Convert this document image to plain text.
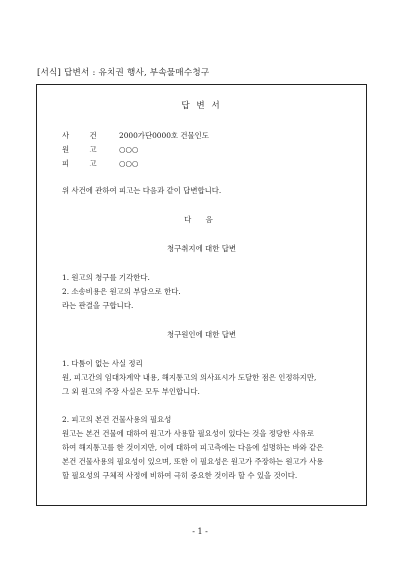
[서식] 답변서 : 유치권 행사, 부속물매수청구
답 변 서
사 건 2000가단0000호 건물인도
원 고 ○○○
피 고 ○○○
위 사건에 관하여 피고는 다음과 같이 답변합니다.
다 음
청구취지에 대한 답변
1. 원고의 청구를 기각한다.
2. 소송비용은 원고의 부담으로 한다.
라는 판결을 구합니다.
청구원인에 대한 답변
1. 다툼이 없는 사실 정리
원, 피고간의 임대차계약 내용, 해지통고의 의사표시가 도달한 점은 인정하지만,
그 외 원고의 주장 사실은 모두 부인합니다.
2. 피고의 본건 건물사용의 필요성
원고는 본건 건물에 대하여 원고가 사용할 필요성이 있다는 것을 정당한 사유로
하여 해지통고를 한 것이지만, 이에 대하여 피고측에는 다음에 설명하는 바와 같은
본건 건물사용의 필요성이 있으며, 또한 이 필요성은 원고가 주장하는 원고가 사용
할 필요성의 구체적 사정에 비하여 극히 중요한 것이라 할 수 있을 것이다.
- 1 -
